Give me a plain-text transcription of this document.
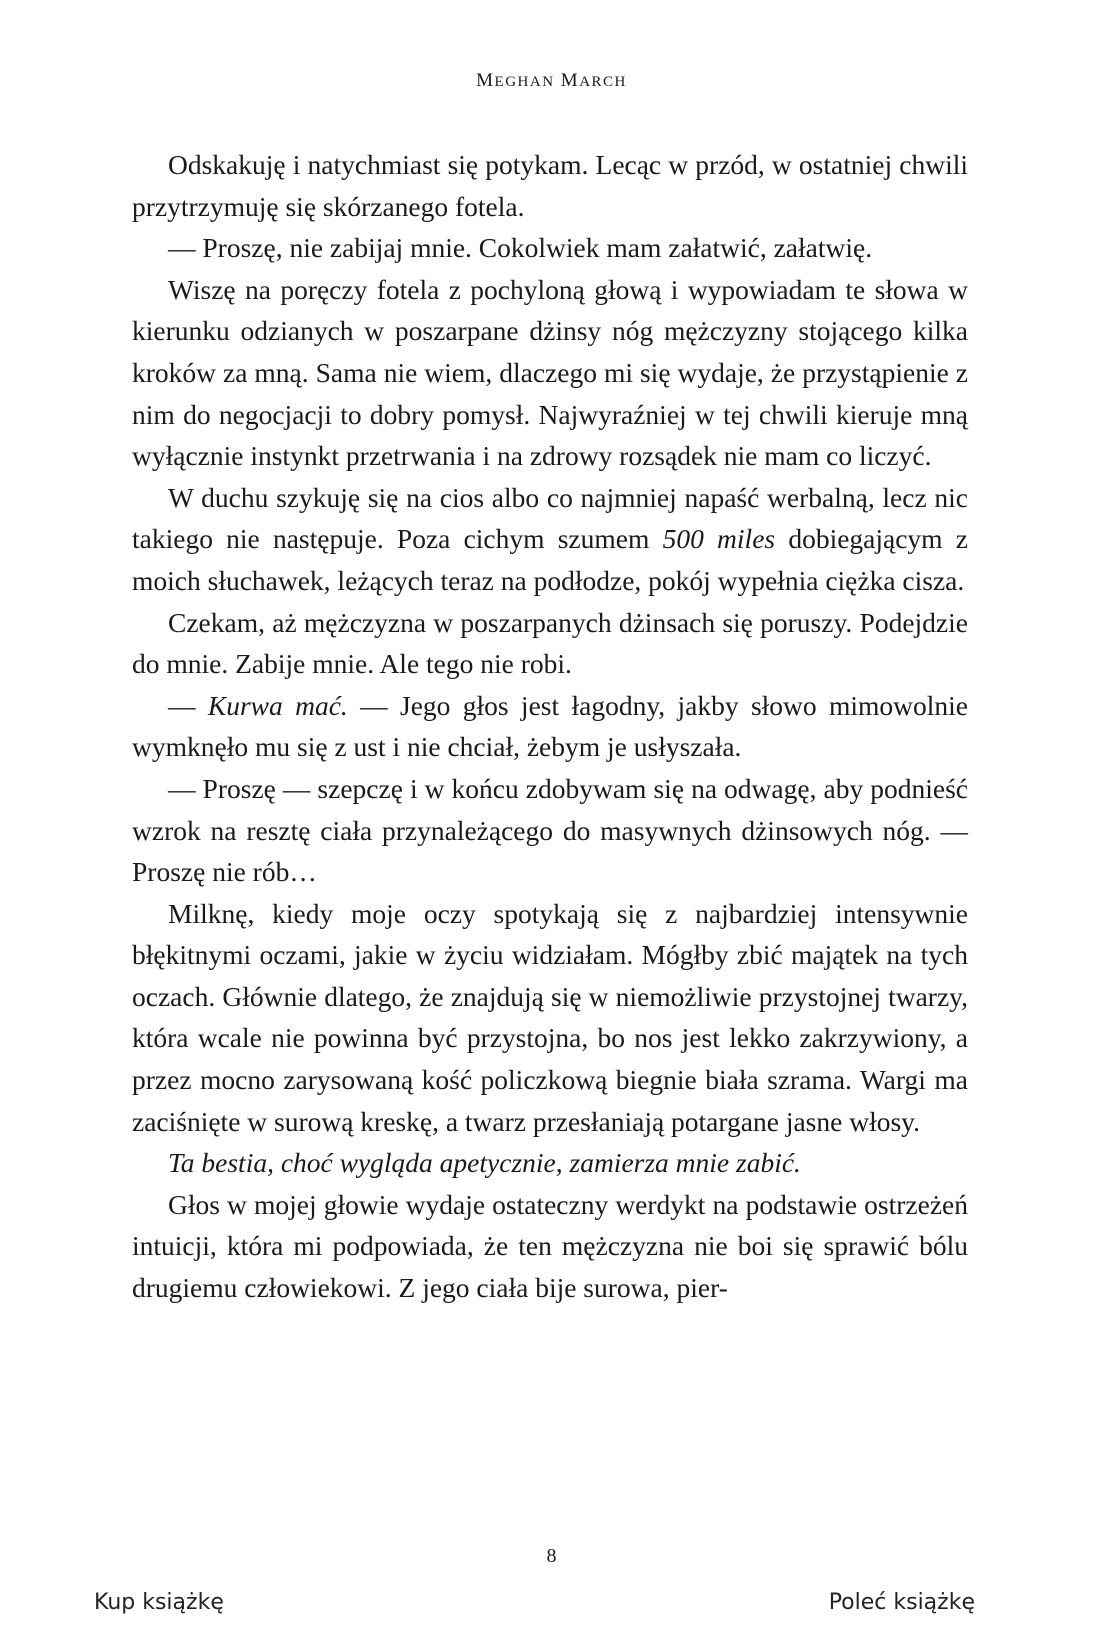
MEGHAN MARCH

Odskakuję i natychmiast się potykam. Lecąc w przód, w ostatniej chwili przytrzymuję się skórzanego fotela.

— Proszę, nie zabijaj mnie. Cokolwiek mam załatwić, załatwię.

Wiszę na poręczy fotela z pochyloną głową i wypowiadam te słowa w kierunku odzianych w poszarpane dżinsy nóg mężczyzny stojącego kilka kroków za mną. Sama nie wiem, dlaczego mi się wydaje, że przystąpienie z nim do negocjacji to dobry pomysł. Najwyraźniej w tej chwili kieruje mną wyłącznie instynkt przetrwania i na zdrowy rozsądek nie mam co liczyć.

W duchu szykuję się na cios albo co najmniej napaść werbalną, lecz nic takiego nie następuje. Poza cichym szumem 500 miles dobiegającym z moich słuchawek, leżących teraz na podłodze, pokój wypełnia ciężka cisza.

Czekam, aż mężczyzna w poszarpanych dżinsach się poruszy. Podejdzie do mnie. Zabije mnie. Ale tego nie robi.

— Kurwa mać. — Jego głos jest łagodny, jakby słowo mimowolnie wymknęło mu się z ust i nie chciał, żebym je usłyszała.

— Proszę — szepczę i w końcu zdobywam się na odwagę, aby podnieść wzrok na resztę ciała przynależącego do masywnych dżinsowych nóg. — Proszę nie rób…

Milknę, kiedy moje oczy spotykają się z najbardziej intensywnie błękitnymi oczami, jakie w życiu widziałam. Mógłby zbić majątek na tych oczach. Głównie dlatego, że znajdują się w niemożliwie przystojnej twarzy, która wcale nie powinna być przystojna, bo nos jest lekko zakrzywiony, a przez mocno zarysowaną kość policzkową biegnie biała szrama. Wargi ma zaciśnięte w surową kreskę, a twarz przesłaniają potargane jasne włosy.

Ta bestia, choć wygląda apetycznie, zamierza mnie zabić.

Głos w mojej głowie wydaje ostateczny werdykt na podstawie ostrzeżeń intuicji, która mi podpowiada, że ten mężczyzna nie boi się sprawić bólu drugiemu człowiekowi. Z jego ciała bije surowa, pier-

8
Kup książkę	Poleć książkę
